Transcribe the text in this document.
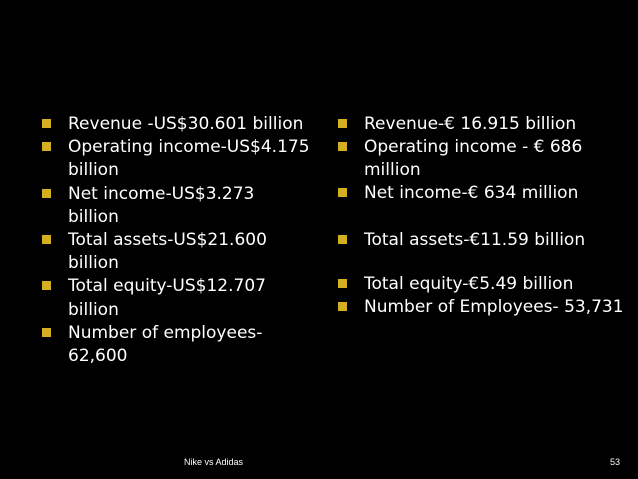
Revenue -US$30.601 billion
Operating income-US$4.175 billion
Net income-US$3.273 billion
Total assets-US$21.600 billion
Total equity-US$12.707 billion
Number of employees-62,600
Revenue-€ 16.915 billion
Operating income - € 686 million
Net income-€ 634 million
Total assets-€11.59 billion
Total equity-€5.49 billion
Number of Employees- 53,731
Nike vs Adidas	53
